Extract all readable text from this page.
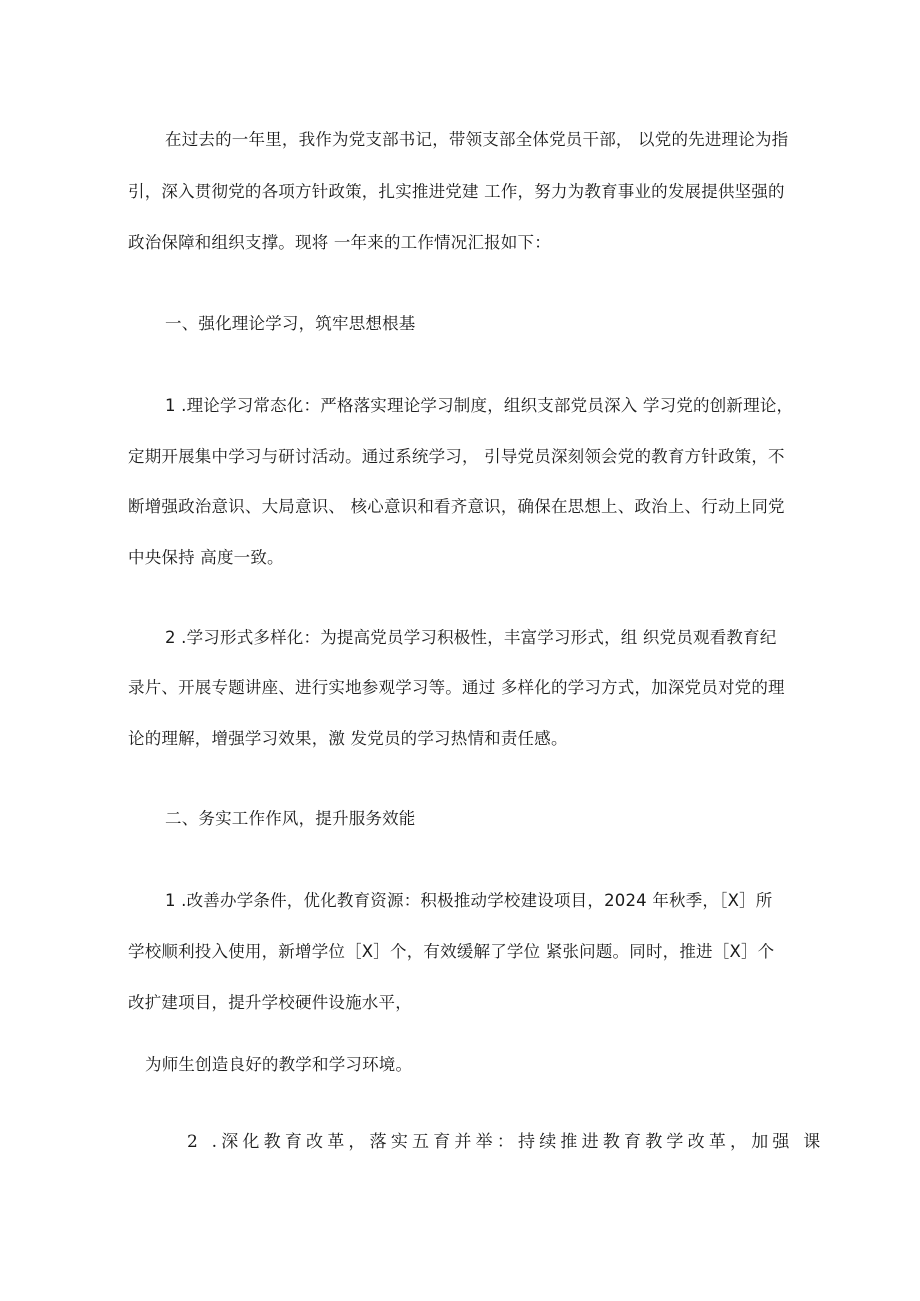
在过去的一年里，我作为党支部书记，带领支部全体党员干部， 以党的先进理论为指
引，深入贯彻党的各项方针政策，扎实推进党建 工作，努力为教育事业的发展提供坚强的
政治保障和组织支撑。现将 一年来的工作情况汇报如下：
一、强化理论学习，筑牢思想根基
1 .理论学习常态化：严格落实理论学习制度，组织支部党员深入 学习党的创新理论，
定期开展集中学习与研讨活动。通过系统学习， 引导党员深刻领会党的教育方针政策，不
断增强政治意识、大局意识、 核心意识和看齐意识，确保在思想上、政治上、行动上同党
中央保持 高度一致。
2 .学习形式多样化：为提高党员学习积极性，丰富学习形式，组 织党员观看教育纪
录片、开展专题讲座、进行实地参观学习等。通过 多样化的学习方式，加深党员对党的理
论的理解，增强学习效果，激 发党员的学习热情和责任感。
二、务实工作作风，提升服务效能
1 .改善办学条件，优化教育资源：积极推动学校建设项目，2024 年秋季，［X］所
学校顺利投入使用，新增学位［X］个，有效缓解了学位 紧张问题。同时，推进［X］个
改扩建项目，提升学校硬件设施水平，
为师生创造良好的教学和学习环境。
2 .深化教育改革，落实五育并举：持续推进教育教学改革，加强 课
